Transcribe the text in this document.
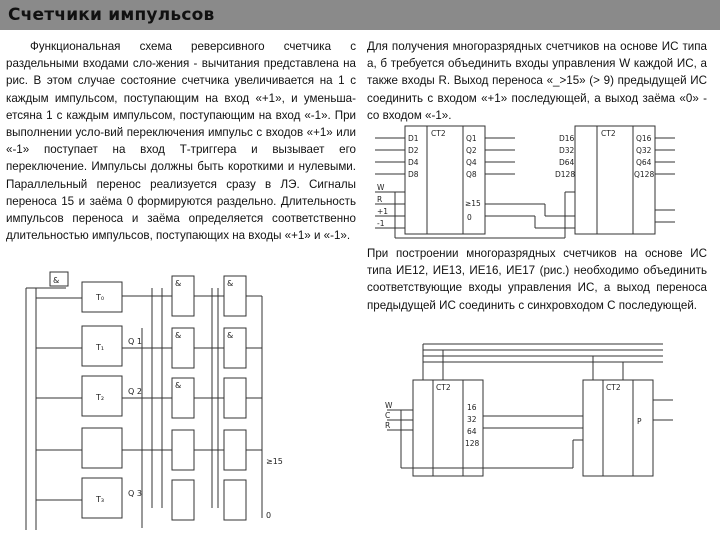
Счетчики импульсов

Функциональная схема реверсивного счетчика с раздельными входами сло-жения - вычитания представлена на рис. В этом случае состояние счетчика увеличивается на 1 с каждым импульсом, поступающим на вход «+1», и уменьша-етсяна 1 с каждым импульсом, поступающим на вход «-1». При выполнении усло-вий переключения импульс с входов «+1» или «-1» поступает на вход Т-триггера и вызывает его переключение. Импульсы должны быть короткими и нулевыми. Параллельный перенос реализуется сразу в ЛЭ. Сигналы переноса 15 и заёма 0 формируются раздельно. Длительность импульсов переноса и заёма определяется соответственно длительностью импульсов, поступающих на входы «+1» и «-1».

Для получения многоразрядных счетчиков на основе ИС типа а, б требуется объединить входы управления W каждой ИС, а также входы R. Выход переноса «_>15» (> 9) предыдущей ИС соединить с входом «+1» последующей, а выход заёма «0» - со входом «-1».

При построении многоразрядных счетчиков на основе ИС типа ИЕ12, ИЕ13, ИЕ16, ИЕ17 (рис.) необходимо объединить соответствующие входы управления ИС, а выход переноса предыдущей ИС соединить с синхровходом С последующей.

&
T₀
T₁
T₂
T₃
Q 1
Q 2
Q 3
&
&
&
&
&
≥15
0
CT2	CT2
D1
D2
D4
D8
W
R
+1
-1
Q1
Q2
Q4
Q8
≥15
0
D16
D32
D64
D128
Q16
Q32
Q64
Q128
W
C
R
CT2	CT2
16
32
64
128
P
